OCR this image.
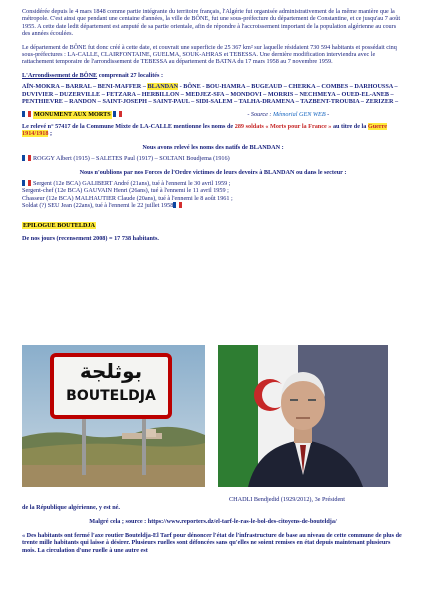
Considérée depuis le 4 mars 1848 comme partie intégrante du territoire français, l'Algérie fut organisée administrativement de la même manière que la métropole. C'est ainsi que pendant une centaine d'années, la ville de BÔNE, fut une sous-préfecture du département de Constantine, et ce jusqu'au 7 août 1955. A cette date ledit département est amputé de sa partie orientale, afin de répondre à l'accroissement important de la population algérienne au cours des années écoulées.

Le département de BÔNE fut donc créé à cette date, et couvrait une superficie de 25 367 km² sur laquelle résidaient 730 594 habitants et possédait cinq sous-préfectures : LA-CALLE, CLAIRFONTAINE, GUELMA, SOUK-AHRAS et TEBESSA. Une dernière modification interviendra avec le rattachement temporaire de l'arrondissement de TEBESSA au département de BATNA du 17 mars 1958 au 7 novembre 1959.

L'Arrondissement de BÔNE comprenait 27 localités :

AÏN-MOKRA – BARRAL – BENI-MAFFER – BLANDAN - BÔNE - BOU-HAMRA – BUGEAUD – CHERKA – COMBES – DARHOUSSA – DUVIVIER – DUZERVILLE – FETZARA – HERBILLON – MEDJEZ-SFA – MONDOVI – MORRIS – NECHMEYA – OUED-EL-ANEB – PENTHIEVRE – RANDON – SAINT-JOSEPH – SAINT-PAUL – SIDI-SALEM – TALHA-DRAMENA – TAZBENT-TROUBIA – ZERIZER –

MONUMENT AUX MORTS	- Source : Mémorial GEN WEB -

Le relevé n° 57417 de la Commune Mixte de LA-CALLE mentionne les noms de 289 soldats « Morts pour la France » au titre de la Guerre 1914/1918 ;

Nous avons relevé les noms des natifs de BLANDAN :

ROGGY Albert (1915) – SALETES Paul (1917) – SOLTANI Boudjema (1916)

Nous n'oublions par nos Forces de l'Ordre victimes de leurs devoirs à BLANDAN ou dans le secteur :

Sergent (12e BCA) GALIBERT André (21ans), tué à l'ennemi le 30 avril 1959 ;

Sergent-chef (12e BCA) GAUVAIN Henri (26ans), tué à l'ennemi le 11 avril 1959 ;

Chasseur (12e BCA) MALHAUTIER Claude (20ans), tué à l'ennemi le 8 août 1961 ;

Soldat (?) SEU Jean (22ans), tué à l'ennemi le 22 juillet 1958

EPILOGUE BOUTELDJA

De nos jours (recensement 2008) = 17 738 habitants.

بوثلجة
BOUTELDJA
CHADLI Bendjedid (1929/2012), 3e Président
de la République algérienne, y est né.
Malgré cela ; source : https://www.reporters.dz/el-tarf-le-ras-le-bol-des-citoyens-de-bouteldja/
« Des habitants ont fermé l'axe routier Bouteldja-El Tarf pour dénoncer l'état de l'infrastructure de base au niveau de cette commune de plus de trente mille habitants qui laisse à désirer. Plusieurs ruelles sont défoncées sans qu'elles ne soient remises en état depuis maintenant plusieurs mois. La circulation d'une ruelle à une autre est
